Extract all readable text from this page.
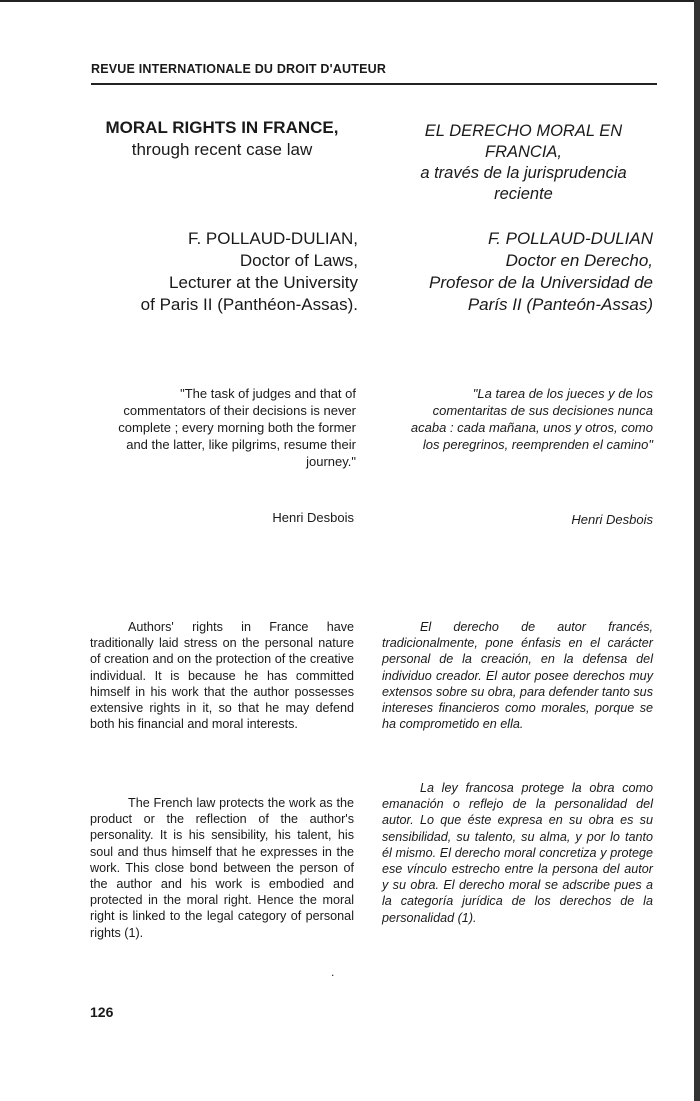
REVUE INTERNATIONALE DU DROIT D'AUTEUR
MORAL RIGHTS IN FRANCE,
through recent case law
EL DERECHO MORAL EN FRANCIA,
a través de la jurisprudencia reciente
F. POLLAUD-DULIAN,
Doctor of Laws,
Lecturer at the University
of Paris II (Panthéon-Assas).
F. POLLAUD-DULIAN
Doctor en Derecho,
Profesor de la Universidad de
París II (Panteón-Assas)
"The task of judges and that of commentators of their decisions is never complete ; every morning both the former and the latter, like pilgrims, resume their journey."
"La tarea de los jueces y de los comentaritas de sus decisiones nunca acaba : cada mañana, unos y otros, como los peregrinos, reemprenden el camino"
Henri Desbois	Henri Desbois

Authors' rights in France have traditionally laid stress on the personal nature of creation and on the protection of the creative individual. It is because he has committed himself in his work that the author possesses extensive rights in it, so that he may defend both his financial and moral interests.

El derecho de autor francés, tradicionalmente, pone énfasis en el carácter personal de la creación, en la defensa del individuo creador. El autor posee derechos muy extensos sobre su obra, para defender tanto sus intereses financieros como morales, porque se ha comprometido en ella.

The French law protects the work as the product or the reflection of the author's personality. It is his sensibility, his talent, his soul and thus himself that he expresses in the work. This close bond between the person of the author and his work is embodied and protected in the moral right. Hence the moral right is linked to the legal category of personal rights (1).

La ley francosa protege la obra como emanación o reflejo de la personalidad del autor. Lo que éste expresa en su obra es su sensibilidad, su talento, su alma, y por lo tanto él mismo. El derecho moral concretiza y protege ese vínculo estrecho entre la persona del autor y su obra. El derecho moral se adscribe pues a la categoría jurídica de los derechos de la personalidad (1).

.
126
